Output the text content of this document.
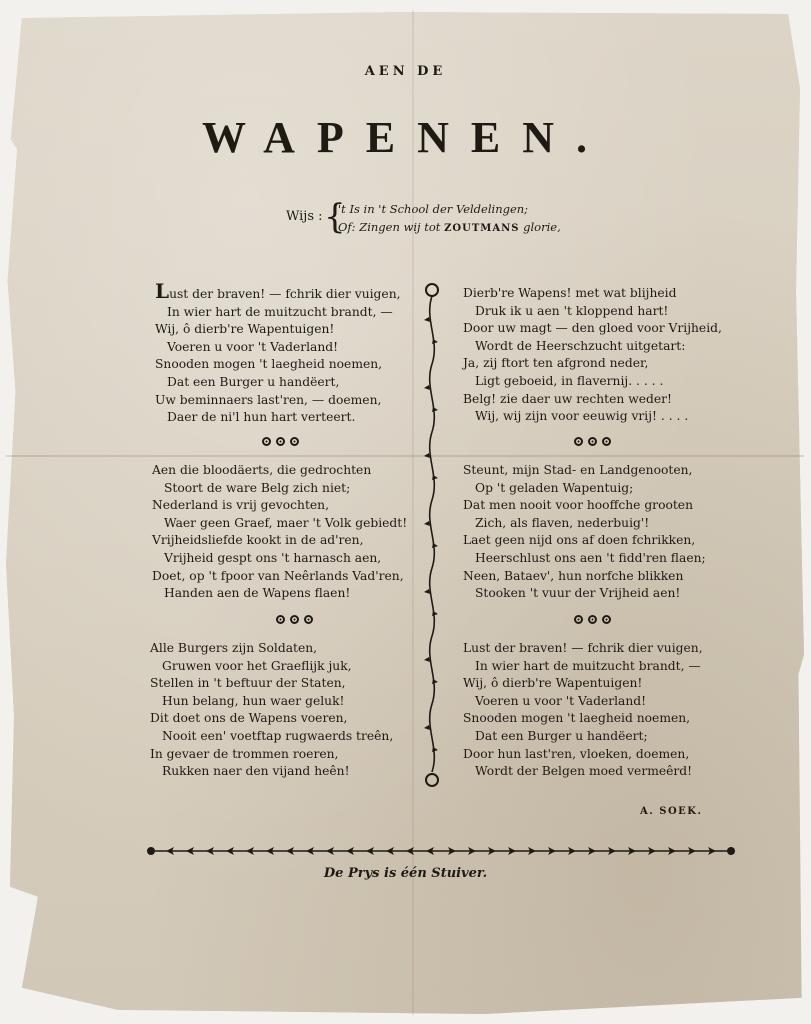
AEN DE
WAPENEN.
Wijs : {
't Is in 't School der Veldelingen;
Of: Zingen wij tot ZOUTMANS glorie,
Lust der braven! — fchrik dier vuigen,
In wier hart de muitzucht brandt, —
Wij, ô dierb're Wapentuigen!
Voeren u voor 't Vaderland!
Snooden mogen 't laegheid noemen,
Dat een Burger u handëert,
Uw beminnaers last'ren, — doemen,
Daer de ni'l hun hart verteert.
Aen die bloodäerts, die gedrochten
Stoort de ware Belg zich niet;
Nederland is vrij gevochten,
Waer geen Graef, maer 't Volk gebiedt!
Vrijheidsliefde kookt in de ad'ren,
Vrijheid gespt ons 't harnasch aen,
Doet, op 't fpoor van Neêrlands Vad'ren,
Handen aen de Wapens flaen!
Alle Burgers zijn Soldaten,
Gruwen voor het Graeflijk juk,
Stellen in 't beftuur der Staten,
Hun belang, hun waer geluk!
Dit doet ons de Wapens voeren,
Nooit een' voetftap rugwaerds treên,
In gevaer de trommen roeren,
Rukken naer den vijand heên!
Dierb're Wapens! met wat blijheid
Druk ik u aen 't kloppend hart!
Door uw magt — den gloed voor Vrijheid,
Wordt de Heerschzucht uitgetart:
Ja, zij ftort ten afgrond neder,
Ligt geboeid, in flavernij. . . . .
Belg! zie daer uw rechten weder!
Wij, wij zijn voor eeuwig vrij! . . . .
Steunt, mijn Stad- en Landgenooten,
Op 't geladen Wapentuig;
Dat men nooit voor hooffche grooten
Zich, als flaven, nederbuig'!
Laet geen nijd ons af doen fchrikken,
Heerschlust ons aen 't fidd'ren flaen;
Neen, Bataev', hun norfche blikken
Stooken 't vuur der Vrijheid aen!
Lust der braven! — fchrik dier vuigen,
In wier hart de muitzucht brandt, —
Wij, ô dierb're Wapentuigen!
Voeren u voor 't Vaderland!
Snooden mogen 't laegheid noemen,
Dat een Burger u handëert;
Door hun last'ren, vloeken, doemen,
Wordt der Belgen moed vermeêrd!
A. SOEK.
De Prys is één Stuiver.
